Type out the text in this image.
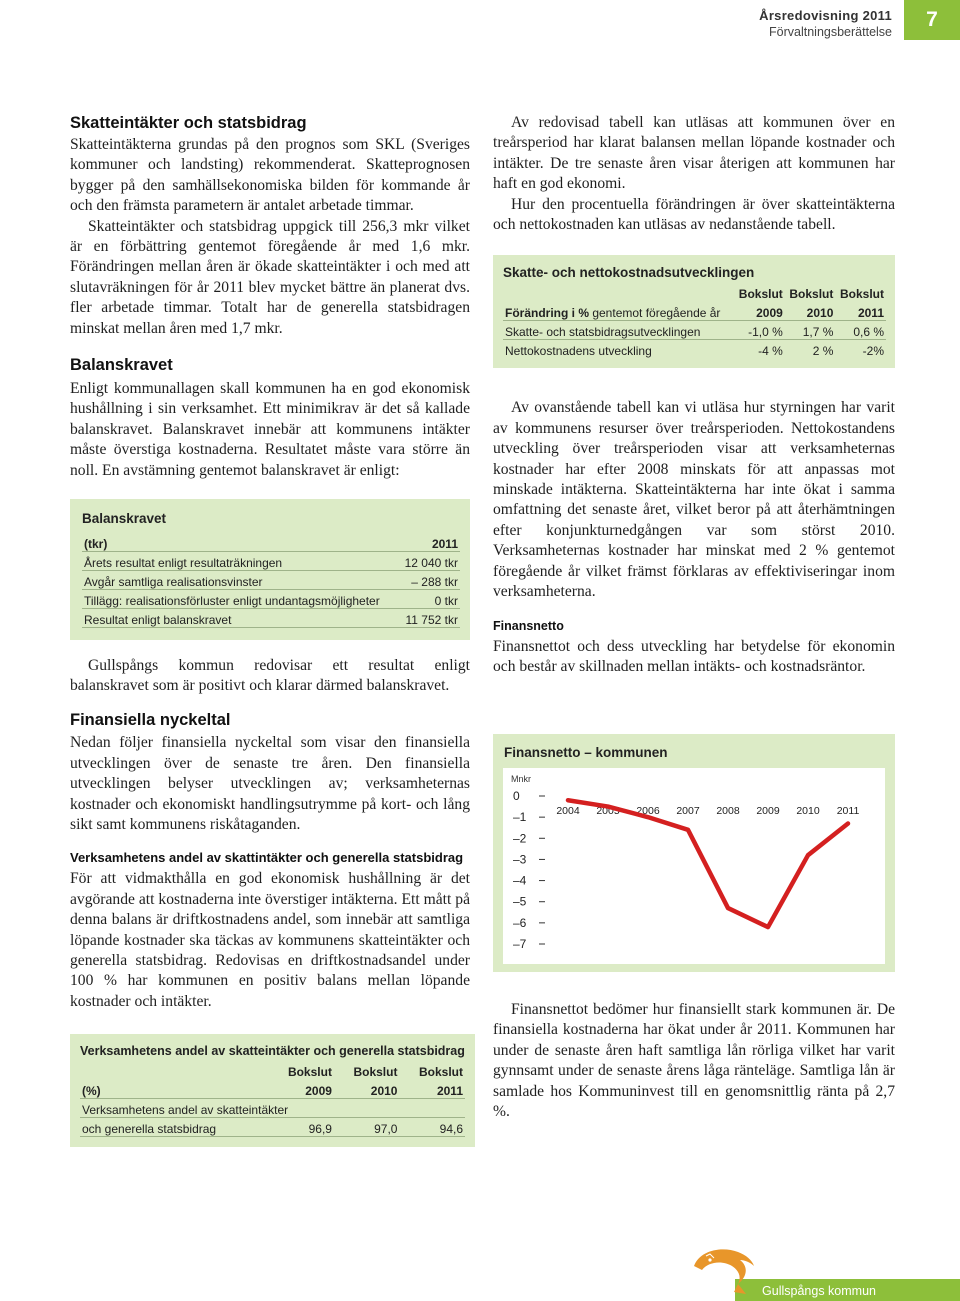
Årsredovisning 2011
Förvaltningsberättelse
7
Skatteintäkter och statsbidrag

Skatteintäkterna grundas på den prognos som SKL (Sveriges kommuner och landsting) rekommenderat. Skatteprognosen bygger på den samhällsekonomiska bilden för kommande år och den främsta parametern är antalet arbetade timmar.

Skatteintäkter och statsbidrag uppgick till 256,3 mkr vilket är en förbättring gentemot föregående år med 1,6 mkr. Förändringen mellan åren är ökade skatteintäkter i och med att slutavräkningen för år 2011 blev mycket bättre än planerat dvs. fler arbetade timmar. Totalt har de generella statsbidragen minskat mellan åren med 1,7 mkr.

Balanskravet

Enligt kommunallagen skall kommunen ha en god ekonomisk hushållning i sin verksamhet. Ett minimikrav är det så kallade balanskravet. Balanskravet innebär att kommunens intäkter måste överstiga kostnaderna. Resultatet måste vara större än noll. En avstämning gentemot balanskravet är enligt:

Balanskravet
(tkr)	2011
Årets resultat enligt resultaträkningen	12 040 tkr
Avgår samtliga realisationsvinster	– 288 tkr
Tillägg: realisationsförluster enligt undantagsmöjligheter	0 tkr
Resultat enligt balanskravet	11 752 tkr

Gullspångs kommun redovisar ett resultat enligt balanskravet som är positivt och klarar därmed balanskravet.

Finansiella nyckeltal

Nedan följer finansiella nyckeltal som visar den finansiella utvecklingen över de senaste tre åren. Den finansiella utvecklingen belyser utvecklingen av; verksamheternas kostnader och ekonomiskt handlingsutrymme på kort- och lång sikt samt kommunens riskåtaganden.

Verksamhetens andel av skattintäkter och generella statsbidrag

För att vidmakthålla en god ekonomisk hushållning är det avgörande att kostnaderna inte överstiger intäkterna. Ett mått på denna balans är driftkostnadens andel, som innebär att samtliga löpande kostnader ska täckas av kommunens skatteintäkter och generella statsbidrag. Redovisas en driftkostnadsandel under 100 % har kommunen en positiv balans mellan löpande kostnader och intäkter.

Verksamhetens andel av skatteintäkter och generella statsbidrag
	Bokslut	Bokslut	Bokslut
(%)	2009	2010	2011
Verksamhetens andel av skatteintäkter			
och generella statsbidrag	96,9	97,0	94,6

Av redovisad tabell kan utläsas att kommunen över en treårsperiod har klarat balansen mellan löpande kostnader och intäkter. De tre senaste åren visar återigen att kommunen har haft en god ekonomi.

Hur den procentuella förändringen är över skatteintäkterna och nettokostnaden kan utläsas av nedanstående tabell.

Skatte- och nettokostnadsutvecklingen
	Bokslut	Bokslut	Bokslut
Förändring i % gentemot föregående år	2009	2010	2011
Skatte- och statsbidragsutvecklingen	-1,0 %	1,7 %	0,6 %
Nettokostnadens utveckling	-4 %	2 %	-2%

Av ovanstående tabell kan vi utläsa hur styrningen har varit av kommunens resurser över treårsperioden. Nettokostandens utveckling över treårsperioden visar att verksamheternas kostnader har efter 2008 minskats för att anpassas mot minskade intäkterna. Skatteintäkterna har inte ökat i samma omfattning det senaste året, vilket beror på att återhämtningen efter konjunkturnedgången var som störst 2010. Verksamheternas kostnader har minskat med 2 % gentemot föregående år vilket främst förklaras av effektiviseringar inom verksamheterna.

Finansnetto

Finansnettot och dess utveckling har betydelse för ekonomin och består av skillnaden mellan intäkts- och kostnadsräntor.

Finansnetto – kommunen
Mnkr
0
–1
–2
–3
–4
–5
–6
–7
2004 2005 2006 2007 2008 2009 2010 2011

Finansnettot bedömer hur finansiellt stark kommunen är. De finansiella kostnaderna har ökat under år 2011. Kommunen har under de senaste åren haft samtliga lån rörliga vilket har varit gynnsamt under de senaste årens låga ränteläge. Samtliga lån är samlade hos Kommuninvest till en genomsnittlig ränta på 2,7 %.

Gullspångs kommun
